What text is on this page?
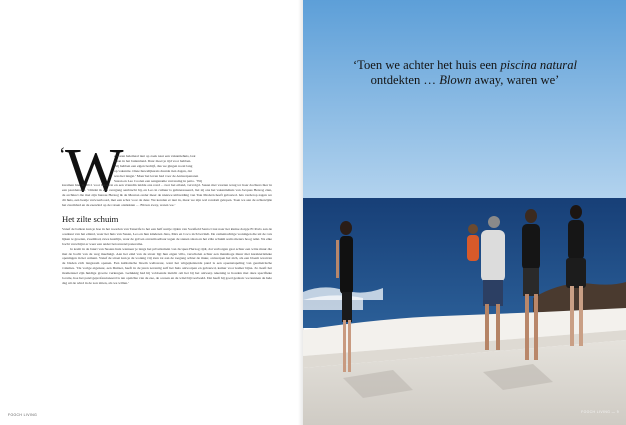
‘ W

e waren helemaal niet op zoek naar een vakantiehuis, laat

staan in het buitenland. Daar moet je tijd voor hebben.

Wij hebben een eigen bedrijf, dus we gingen nooit lang

op vakantie. Onze huwelijksreis duurde tien dagen, dat

was het langst.’ Maar het leven had voor de Antwerpenaren

Susan en Leo Coolen een aangename verrassing in petto. ‘Wij

kwamen hier in 2011 voor het eerst en een vriendin leidde ons rond – over het eiland, vervolgd. Susan met vaarten terug tot haar dochters hier in een paardenstart. ‘Omdat ik een overgang aanbracht bij, en Leo in cultuur is geïnteresseerd, liet zij ons het vakantiehuis van Jacques Herzog zien, de architect die met zijn bureau Herzog & de Meuron onder meer de nieuwe uitbreiding van Tate Modern heeft gebouwd. Iets verderop zagen we dit huis, een beetje verwaarloosd, met een schot voor de deur. We konden er niet in, maar we zijn wel rondom gelopen. Toen we aan de achterzijde het zwembad en de zeewind op de rotsen ontdekten … Blown away, waren we.’

Het zilte schuim

Vanaf de balkon kun je hoe in het noorden van Tenerife is het een half uurtje rijden van Sorsfield Santa Cruz naar het kleine dorpje El Porís aan de oostkust van het eiland, waar het huis van Susan, Leo en hun kinderen Jana, Max en Coco zich bevindt. De cementachtige woningen die uit de rots lijken te groeien, zwembad, ruwe kustlijn, waar de golven onvermoeibaar tegen de stenen slaan en het zilte schuim soms meters hoog reikt. Na elke bocht verschijnt er weer een ander betoverend panorama.

Je komt in de buurt van Susans huis wanneer je langs het privédomein van Jacques Herzog rijdt, dat verborgen gaat achter een witte muur die met de bocht van de weg meebuigt. Aan het eind van de straat ligt hun eigen villa, verscholen achter een manshoge muur met karakteristieke openingen in het cement. Vanaf de straat kun je de woning vrij zien tot aan de toegang achter de muur, ontwerpen het zich, als een bloem waarvan de bladen zich langzaam openen. Een kubistische bloem weliswaar, want het witgepleisterde pand is een opeenstapeling van geometrische volumes. ‘De vorige eigenaar, een Duitser, heeft in de jaren zeventig zelf het huis ontworpen en gebouwd, kamer voor kamer bijna. Zo heeft het momenteel zijn huidige grootte verkregen. Gelukkig had hij voldoende inzicht om het bij het ontwerp rekening te houden met deze specifieke locatie, hoe het pand geprofessioneerd is ten opzichte van de zee, de oceaan en de wind bijvoorbeeld. Dat heeft hij goed gedaan: we kunnen de hele dag uit de wind in de zon zitten, als we willen.’

FOOCH LIVING
‘Toen we achter het huis een piscina natural
ontdekten … Blown away, waren we’
FOOCH LIVING — 9
